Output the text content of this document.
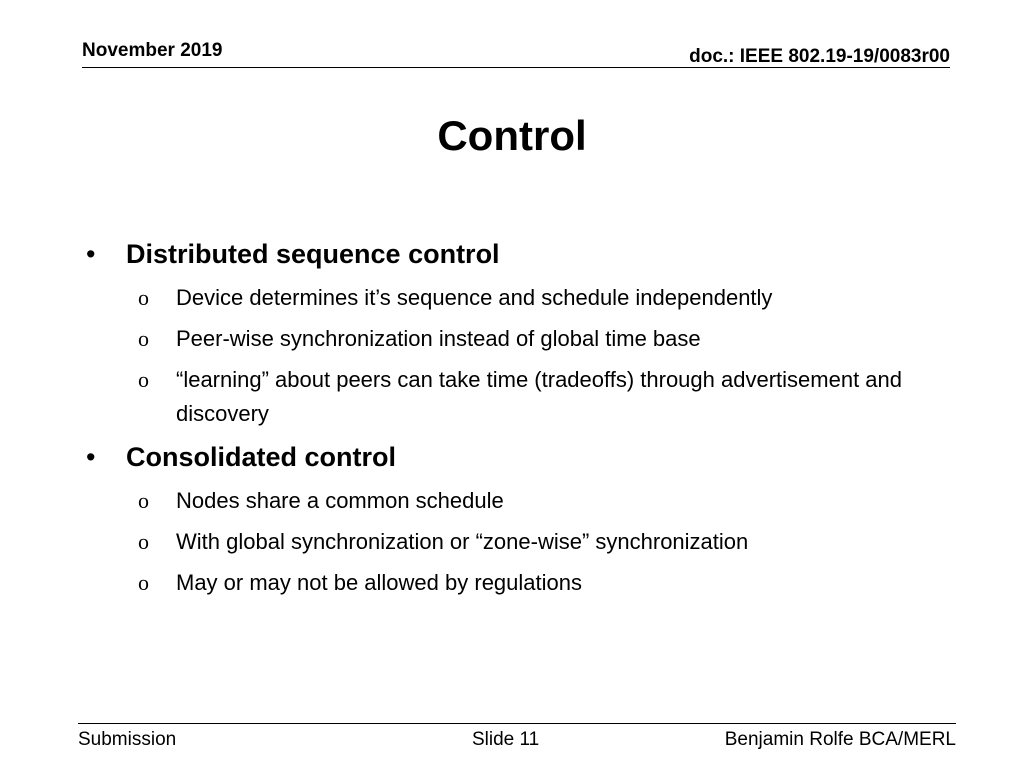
November 2019	doc.: IEEE 802.19-19/0083r00
Control
•	Distributed sequence control
o Device determines it’s sequence and schedule independently
o Peer-wise synchronization instead of global time base
o “learning” about peers can take time (tradeoffs) through advertisement and discovery
•	Consolidated control
o Nodes share a common schedule
o With global synchronization or “zone-wise” synchronization
o May or may not be allowed by regulations
Submission	Slide 11	Benjamin Rolfe BCA/MERL
